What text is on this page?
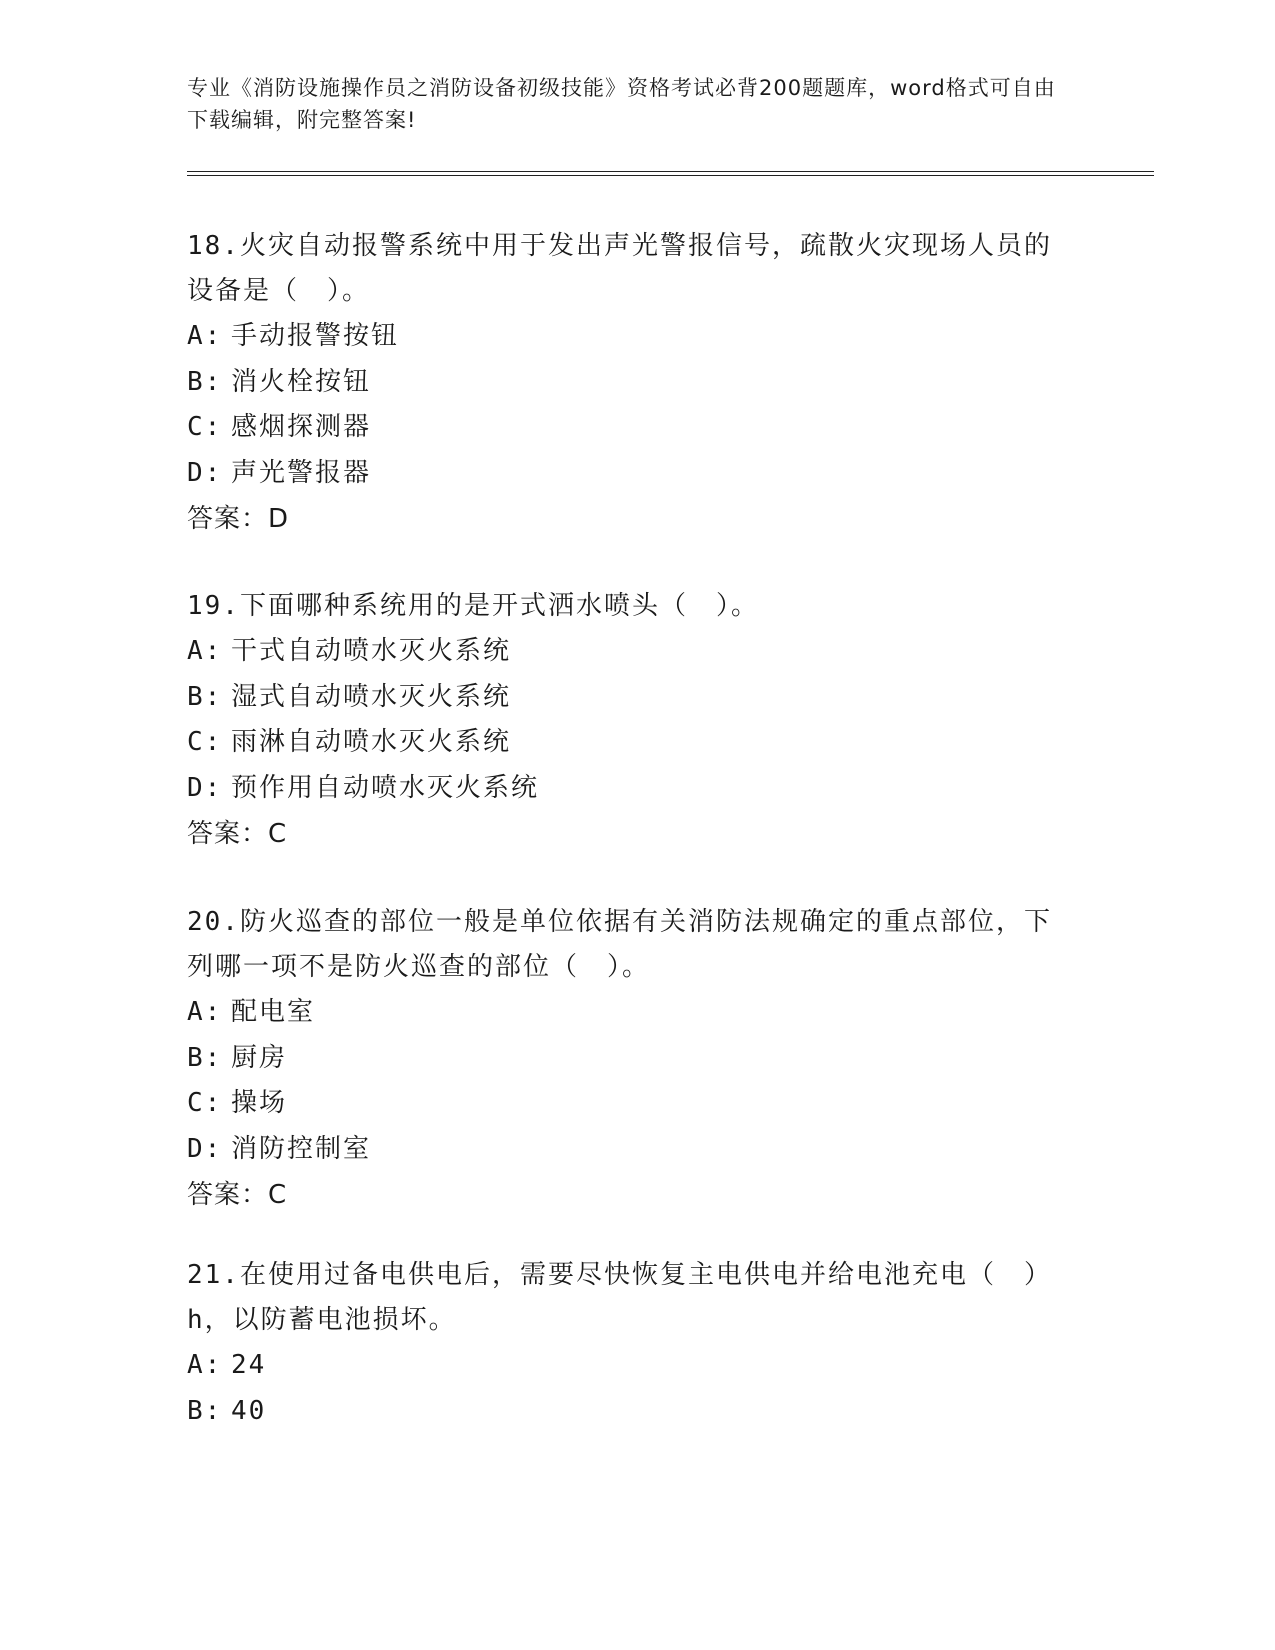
专业《消防设施操作员之消防设备初级技能》资格考试必背200题题库，word格式可自由下载编辑，附完整答案!

18.火灾自动报警系统中用于发出声光警报信号，疏散火灾现场人员的

设备是（　）。

A: 手动报警按钮

B: 消火栓按钮

C: 感烟探测器

D: 声光警报器

答案：D

19.下面哪种系统用的是开式洒水喷头（　）。

A: 干式自动喷水灭火系统

B: 湿式自动喷水灭火系统

C: 雨淋自动喷水灭火系统

D: 预作用自动喷水灭火系统

答案：C

20.防火巡查的部位一般是单位依据有关消防法规确定的重点部位，下

列哪一项不是防火巡查的部位（　）。

A: 配电室

B: 厨房

C: 操场

D: 消防控制室

答案：C

21.在使用过备电供电后，需要尽快恢复主电供电并给电池充电（　）

h，以防蓄电池损坏。

A: 24

B: 40
